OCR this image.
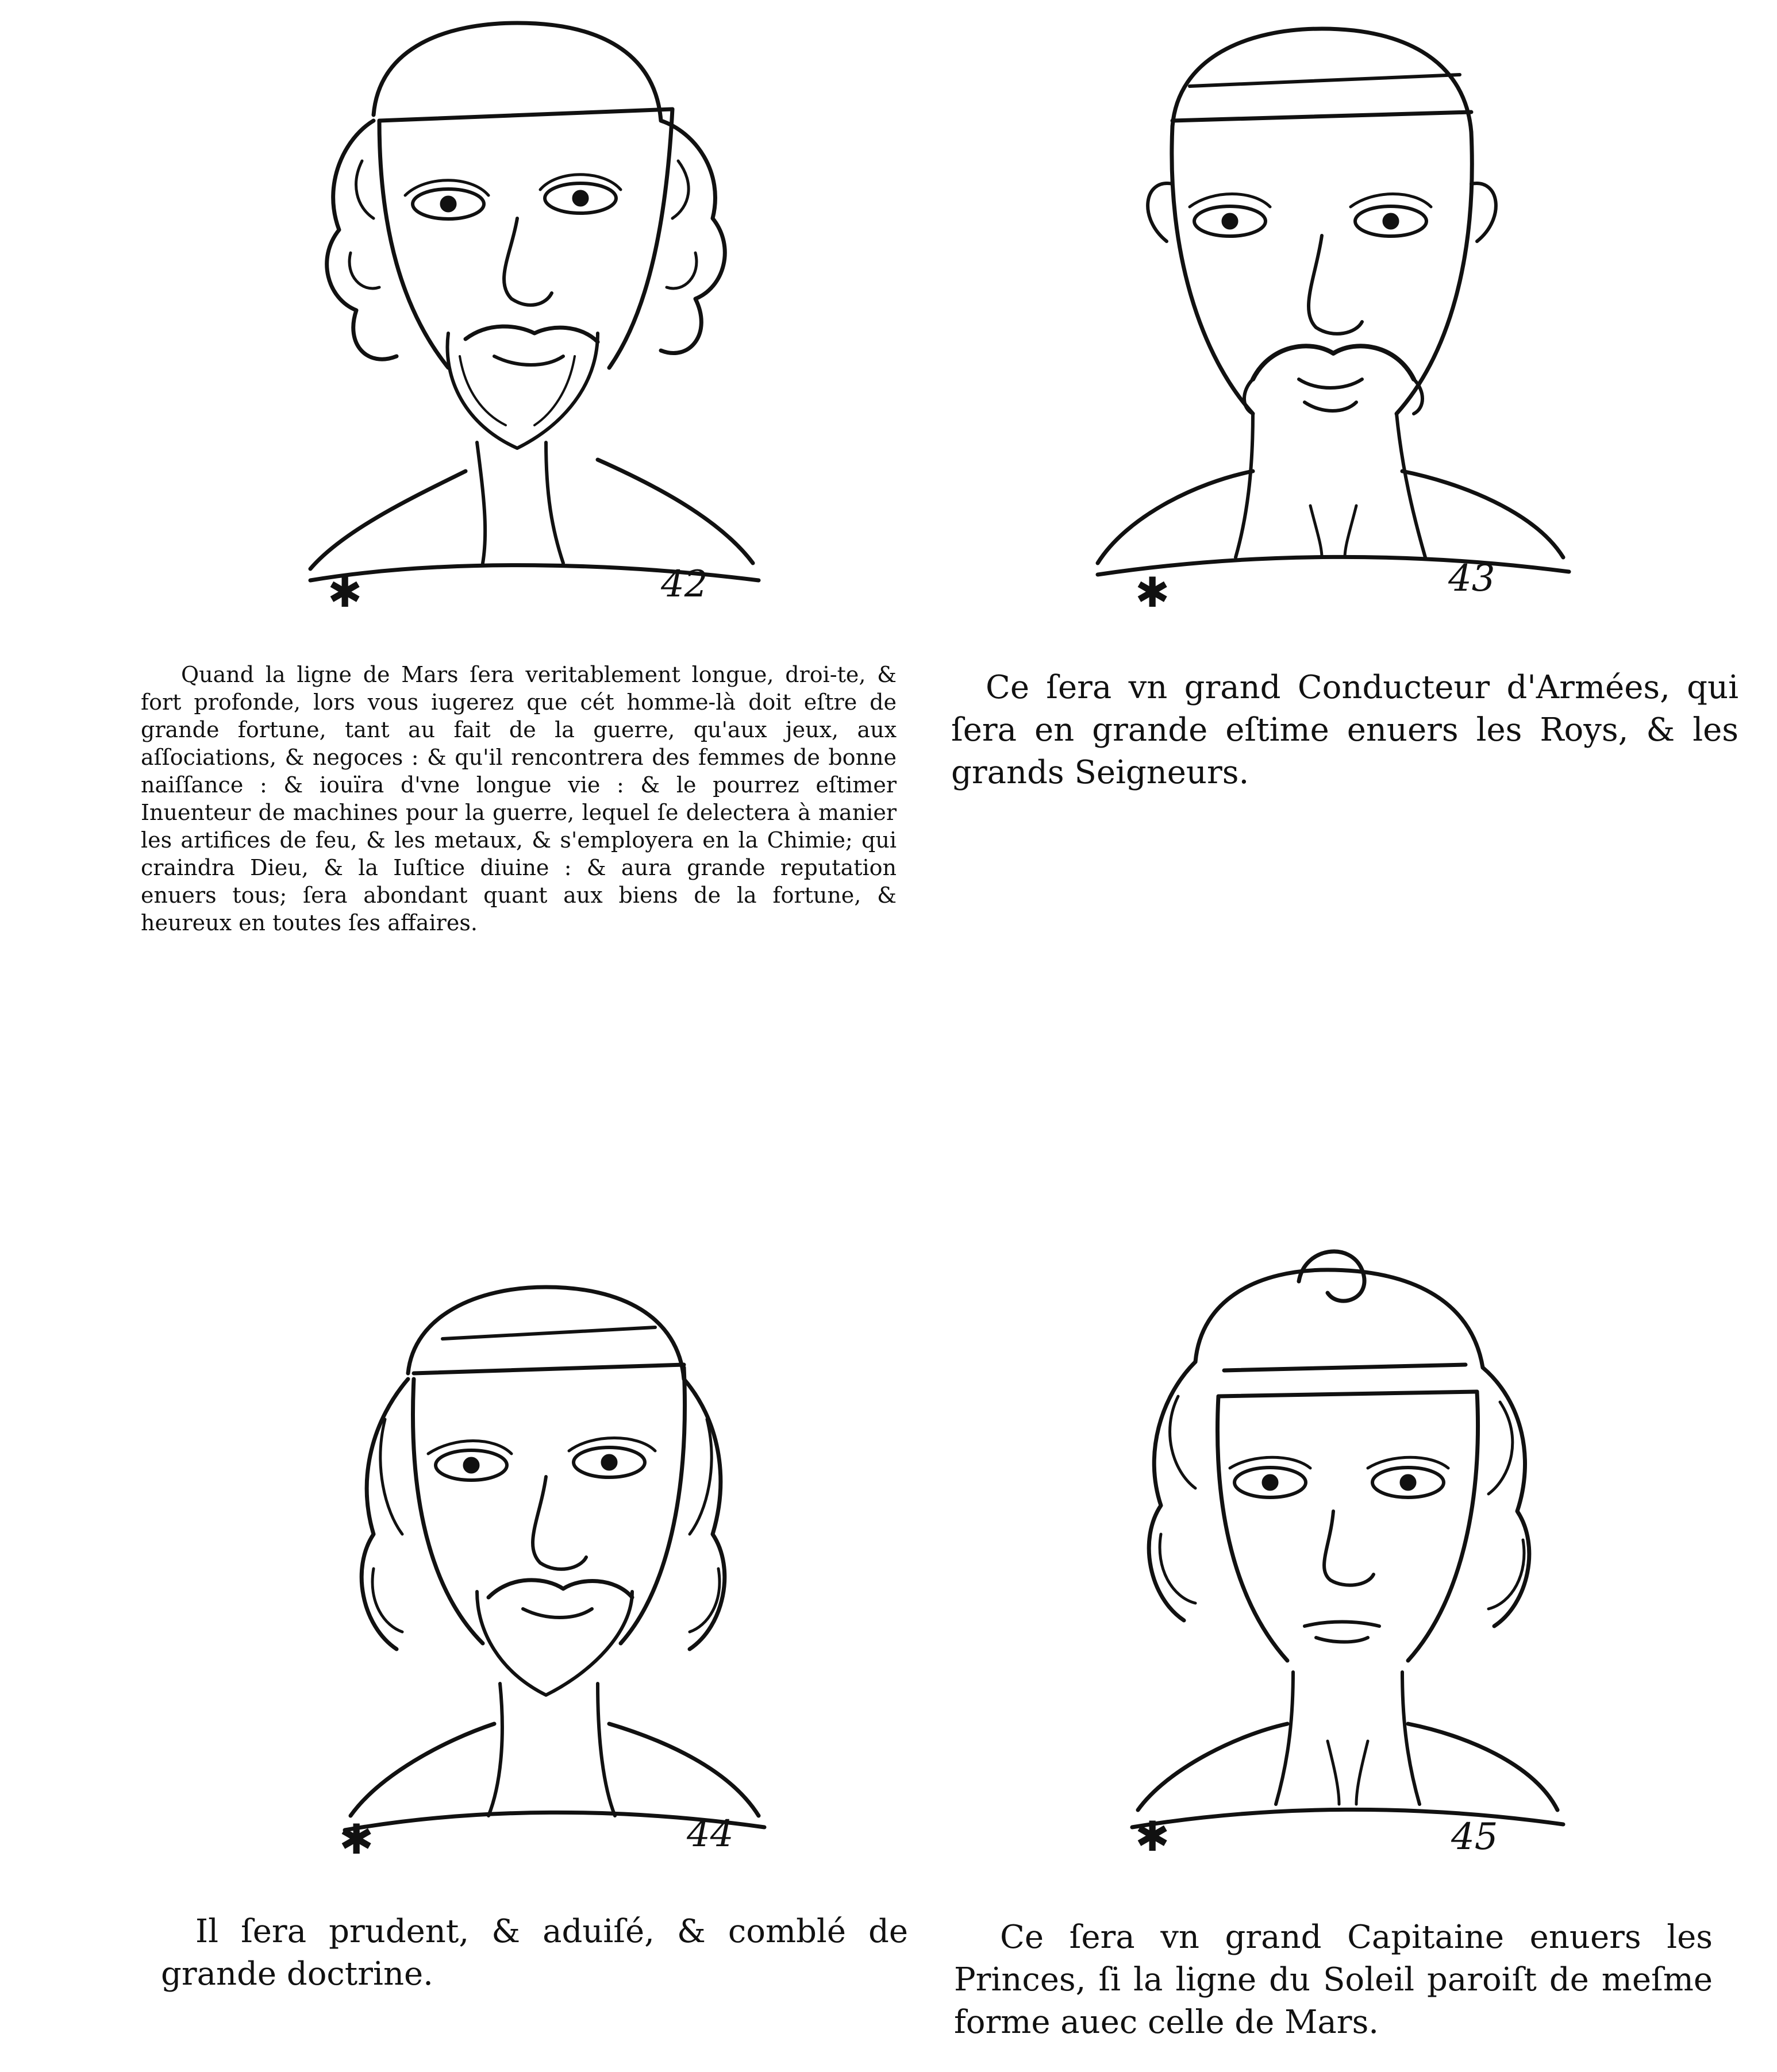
✱	42	✱	43

Quand la ligne de Mars ſera veritablement longue, droi-te, & fort profonde, lors vous iugerez que cét homme-là doit eſtre de grande fortune, tant au fait de la guerre, qu'aux jeux, aux aſſociations, & negoces : & qu'il rencontrera des femmes de bonne naiſſance : & iouïra d'vne longue vie : & le pourrez eſtimer Inuenteur de machines pour la guerre, lequel ſe delectera à manier les artifices de feu, & les metaux, & s'employera en la Chimie; qui craindra Dieu, & la Iuſtice diuine : & aura grande reputation enuers tous; ſera abondant quant aux biens de la fortune, & heureux en toutes ſes affaires.

Ce ſera vn grand Conducteur d'Armées, qui ſera en grande eſtime enuers les Roys, & les grands Seigneurs.

✱	44	✱	45

Il ſera prudent, & aduiſé, & comblé de grande doctrine.

Ce ſera vn grand Capitaine enuers les Princes, ſi la ligne du Soleil paroiſt de meſme forme auec celle de Mars.
